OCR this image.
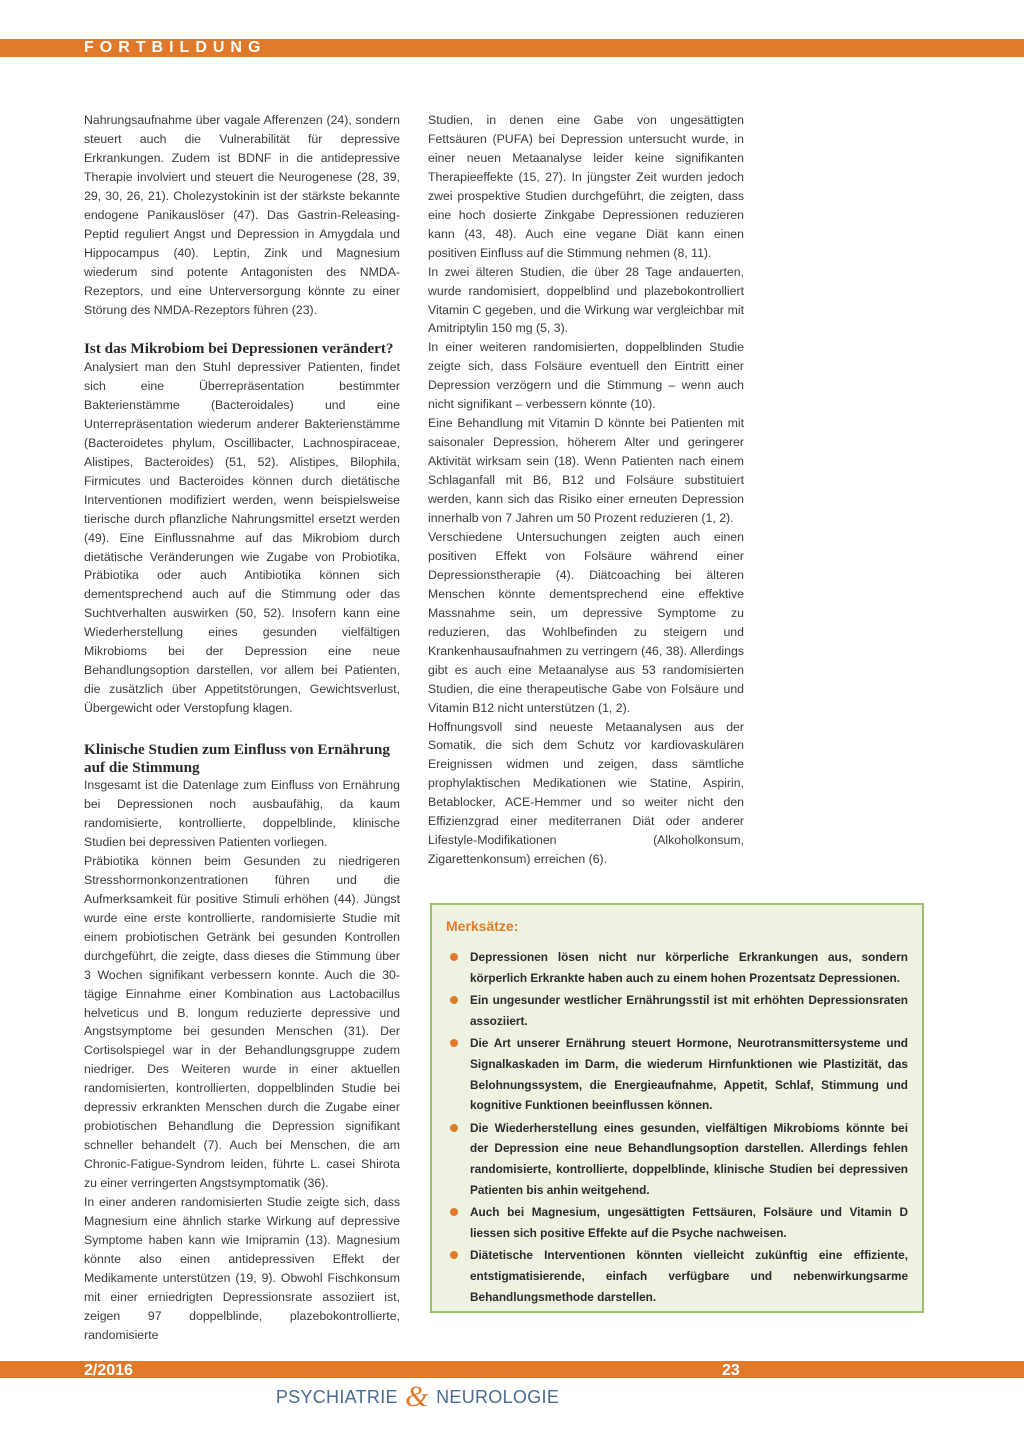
FORTBILDUNG

Nahrungsaufnahme über vagale Afferenzen (24), sondern steuert auch die Vulnerabilität für depressive Erkrankungen. Zudem ist BDNF in die antidepressive Therapie involviert und steuert die Neurogenese (28, 39, 29, 30, 26, 21). Cholezystokinin ist der stärkste bekannte endogene Panikauslöser (47). Das Gastrin-Releasing-Peptid reguliert Angst und Depression in Amygdala und Hippocampus (40). Leptin, Zink und Magnesium wiederum sind potente Antagonisten des NMDA-Rezeptors, und eine Unterversorgung könnte zu einer Störung des NMDA-Rezeptors führen (23).

Ist das Mikrobiom bei Depressionen verändert?

Analysiert man den Stuhl depressiver Patienten, findet sich eine Überrepräsentation bestimmter Bakterienstämme (Bacteroidales) und eine Unterrepräsentation wiederum anderer Bakterienstämme (Bacteroidetes phylum, Oscillibacter, Lachnospiraceae, Alistipes, Bacteroides) (51, 52). Alistipes, Bilophila, Firmicutes und Bacteroides können durch dietätische Interventionen modifiziert werden, wenn beispielsweise tierische durch pflanzliche Nahrungsmittel ersetzt werden (49). Eine Einflussnahme auf das Mikrobiom durch dietätische Veränderungen wie Zugabe von Probiotika, Präbiotika oder auch Antibiotika können sich dementsprechend auch auf die Stimmung oder das Suchtverhalten auswirken (50, 52). Insofern kann eine Wiederherstellung eines gesunden vielfältigen Mikrobioms bei der Depression eine neue Behandlungsoption darstellen, vor allem bei Patienten, die zusätzlich über Appetitstörungen, Gewichtsverlust, Übergewicht oder Verstopfung klagen.

Klinische Studien zum Einfluss von Ernährung auf die Stimmung

Insgesamt ist die Datenlage zum Einfluss von Ernährung bei Depressionen noch ausbaufähig, da kaum randomisierte, kontrollierte, doppelblinde, klinische Studien bei depressiven Patienten vorliegen.

Präbiotika können beim Gesunden zu niedrigeren Stresshormonkonzentrationen führen und die Aufmerksamkeit für positive Stimuli erhöhen (44). Jüngst wurde eine erste kontrollierte, randomisierte Studie mit einem probiotischen Getränk bei gesunden Kontrollen durchgeführt, die zeigte, dass dieses die Stimmung über 3 Wochen signifikant verbessern konnte. Auch die 30-tägige Einnahme einer Kombination aus Lactobacillus helveticus und B. longum reduzierte depressive und Angstsymptome bei gesunden Menschen (31). Der Cortisolspiegel war in der Behandlungsgruppe zudem niedriger. Des Weiteren wurde in einer aktuellen randomisierten, kontrollierten, doppelblinden Studie bei depressiv erkrankten Menschen durch die Zugabe einer probiotischen Behandlung die Depression signifikant schneller behandelt (7). Auch bei Menschen, die am Chronic-Fatigue-Syndrom leiden, führte L. casei Shirota zu einer verringerten Angstsymptomatik (36).

In einer anderen randomisierten Studie zeigte sich, dass Magnesium eine ähnlich starke Wirkung auf depressive Symptome haben kann wie Imipramin (13). Magnesium könnte also einen antidepressiven Effekt der Medikamente unterstützen (19, 9). Obwohl Fischkonsum mit einer erniedrigten Depressionsrate assoziiert ist, zeigen 97 doppelblinde, plazebokontrollierte, randomisierte

Studien, in denen eine Gabe von ungesättigten Fettsäuren (PUFA) bei Depression untersucht wurde, in einer neuen Metaanalyse leider keine signifikanten Therapieeffekte (15, 27). In jüngster Zeit wurden jedoch zwei prospektive Studien durchgeführt, die zeigten, dass eine hoch dosierte Zinkgabe Depressionen reduzieren kann (43, 48). Auch eine vegane Diät kann einen positiven Einfluss auf die Stimmung nehmen (8, 11).

In zwei älteren Studien, die über 28 Tage andauerten, wurde randomisiert, doppelblind und plazebokontrolliert Vitamin C gegeben, und die Wirkung war vergleichbar mit Amitriptylin 150 mg (5, 3).

In einer weiteren randomisierten, doppelblinden Studie zeigte sich, dass Folsäure eventuell den Eintritt einer Depression verzögern und die Stimmung – wenn auch nicht signifikant – verbessern könnte (10).

Eine Behandlung mit Vitamin D könnte bei Patienten mit saisonaler Depression, höherem Alter und geringerer Aktivität wirksam sein (18). Wenn Patienten nach einem Schlaganfall mit B6, B12 und Folsäure substituiert werden, kann sich das Risiko einer erneuten Depression innerhalb von 7 Jahren um 50 Prozent reduzieren (1, 2).

Verschiedene Untersuchungen zeigten auch einen positiven Effekt von Folsäure während einer Depressionstherapie (4). Diätcoaching bei älteren Menschen könnte dementsprechend eine effektive Massnahme sein, um depressive Symptome zu reduzieren, das Wohlbefinden zu steigern und Krankenhausaufnahmen zu verringern (46, 38). Allerdings gibt es auch eine Metaanalyse aus 53 randomisierten Studien, die eine therapeutische Gabe von Folsäure und Vitamin B12 nicht unterstützen (1, 2).

Hoffnungsvoll sind neueste Metaanalysen aus der Somatik, die sich dem Schutz vor kardiovaskulären Ereignissen widmen und zeigen, dass sämtliche prophylaktischen Medikationen wie Statine, Aspirin, Betablocker, ACE-Hemmer und so weiter nicht den Effizienzgrad einer mediterranen Diät oder anderer Lifestyle-Modifikationen (Alkoholkonsum, Zigarettenkonsum) erreichen (6).

Merksätze:
Depressionen lösen nicht nur körperliche Erkrankungen aus, sondern körperlich Erkrankte haben auch zu einem hohen Prozentsatz Depressionen.
Ein ungesunder westlicher Ernährungsstil ist mit erhöhten Depressionsraten assoziiert.
Die Art unserer Ernährung steuert Hormone, Neurotransmittersysteme und Signalkaskaden im Darm, die wiederum Hirnfunktionen wie Plastizität, das Belohnungssystem, die Energieaufnahme, Appetit, Schlaf, Stimmung und kognitive Funktionen beeinflussen können.
Die Wiederherstellung eines gesunden, vielfältigen Mikrobioms könnte bei der Depression eine neue Behandlungsoption darstellen. Allerdings fehlen randomisierte, kontrollierte, doppelblinde, klinische Studien bei depressiven Patienten bis anhin weitgehend.
Auch bei Magnesium, ungesättigten Fettsäuren, Folsäure und Vitamin D liessen sich positive Effekte auf die Psyche nachweisen.
Diätetische Interventionen könnten vielleicht zukünftig eine effiziente, entstigmatisierende, einfach verfügbare und nebenwirkungsarme Behandlungsmethode darstellen.
2/2016	23
PSYCHIATRIE & NEUROLOGIE
